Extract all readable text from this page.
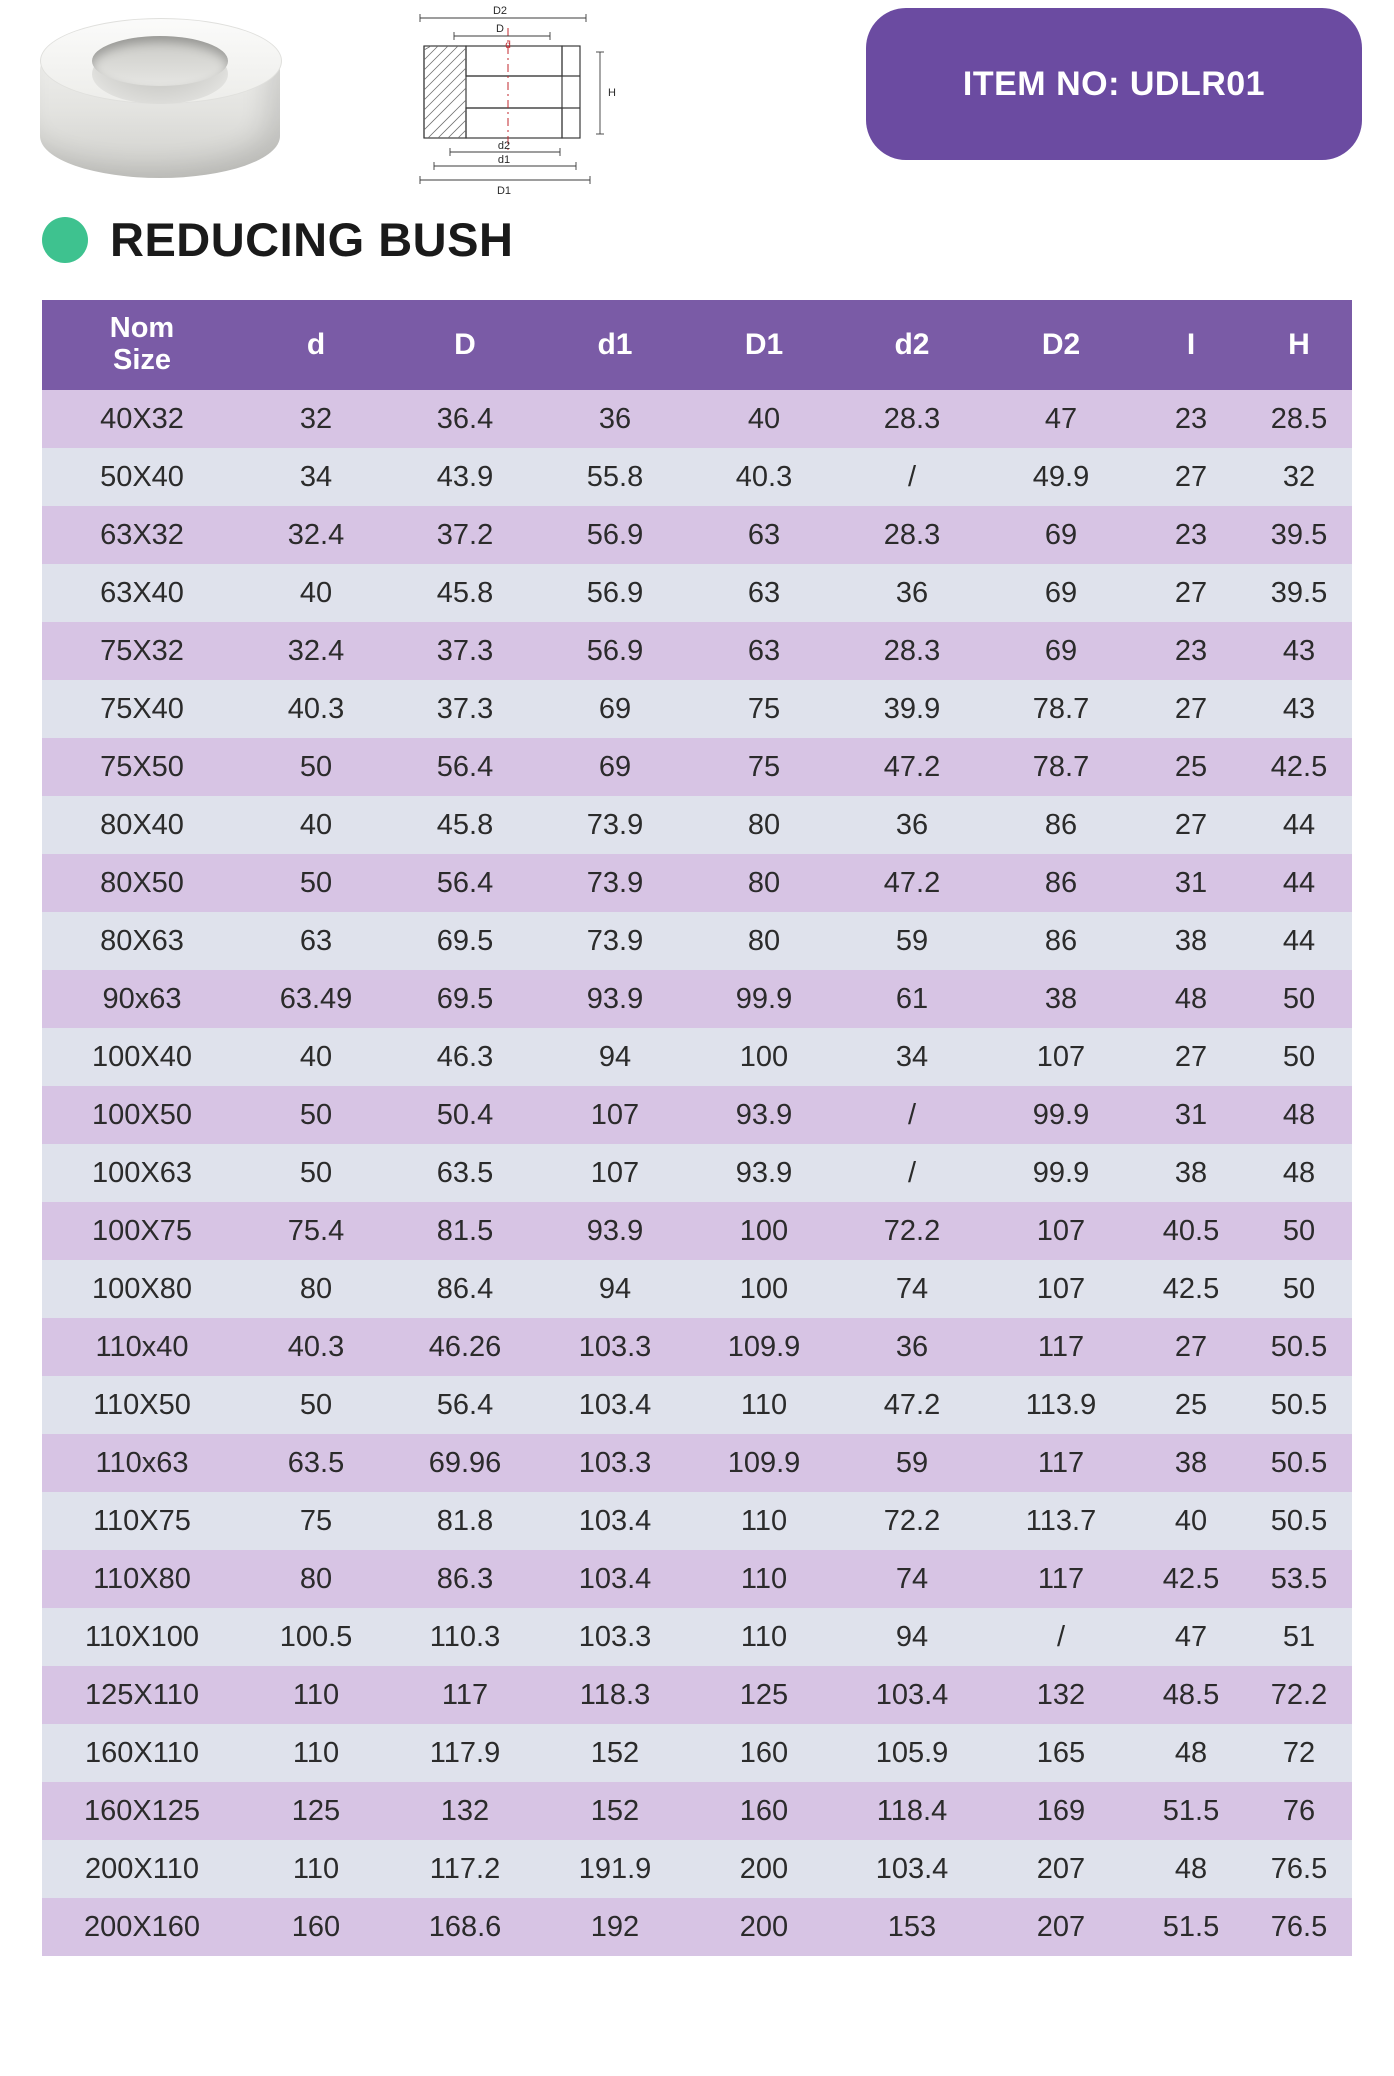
D2
D
d
H
d2
d1
D1
ITEM NO: UDLR01
REDUCING BUSH
Nom
Size	d	D	d1	D1	d2	D2	I	H
40X32	32	36.4	36	40	28.3	47	23	28.5
50X40	34	43.9	55.8	40.3	/	49.9	27	32
63X32	32.4	37.2	56.9	63	28.3	69	23	39.5
63X40	40	45.8	56.9	63	36	69	27	39.5
75X32	32.4	37.3	56.9	63	28.3	69	23	43
75X40	40.3	37.3	69	75	39.9	78.7	27	43
75X50	50	56.4	69	75	47.2	78.7	25	42.5
80X40	40	45.8	73.9	80	36	86	27	44
80X50	50	56.4	73.9	80	47.2	86	31	44
80X63	63	69.5	73.9	80	59	86	38	44
90x63	63.49	69.5	93.9	99.9	61	38	48	50
100X40	40	46.3	94	100	34	107	27	50
100X50	50	50.4	107	93.9	/	99.9	31	48
100X63	50	63.5	107	93.9	/	99.9	38	48
100X75	75.4	81.5	93.9	100	72.2	107	40.5	50
100X80	80	86.4	94	100	74	107	42.5	50
110x40	40.3	46.26	103.3	109.9	36	117	27	50.5
110X50	50	56.4	103.4	110	47.2	113.9	25	50.5
110x63	63.5	69.96	103.3	109.9	59	117	38	50.5
110X75	75	81.8	103.4	110	72.2	113.7	40	50.5
110X80	80	86.3	103.4	110	74	117	42.5	53.5
110X100	100.5	110.3	103.3	110	94	/	47	51
125X110	110	117	118.3	125	103.4	132	48.5	72.2
160X110	110	117.9	152	160	105.9	165	48	72
160X125	125	132	152	160	118.4	169	51.5	76
200X110	110	117.2	191.9	200	103.4	207	48	76.5
200X160	160	168.6	192	200	153	207	51.5	76.5
